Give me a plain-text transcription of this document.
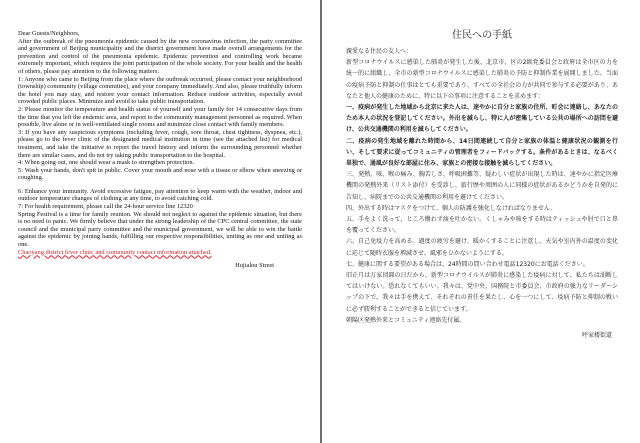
Dear Guests/Neighbors,

After the outbreak of the pneumonia epidemic caused by the new coronavirus infection, the party committee and government of Beijing municipality and the district government have made overall arrangements for the prevention and control of the pneumonia epidemic. Epidemic prevention and controlling work became extremely important, which requires the joint participation of the whole society. For your health and the health of others, please pay attention to the following matters:

1: Anyone who came to Beijing from the place where the outbreak occurred, please contact your neighborhood (township) community (village committee), and your company immediately. And also, please truthfully inform the hotel you may stay, and restore your contact information. Reduce outdoor activities, especially avoid crowded public places. Minimize and avoid to take public transportation.

2: Please monitor the temperature and health status of yourself and your family for 14 consecutive days from the time that you left the endemic area, and report to the community management personnel as required. When possible, live alone or in well-ventilated single rooms and minimize close contact with family members.

3: If you have any suspicious symptoms (including fever, cough, sore throat, chest tightness, dyspnea, etc.), please go to the fever clinic of the designated medical institution in time (see the attached list) for medical treatment, and take the initiative to report the travel history and inform the surrounding personnel whether there are similar cases, and do not try taking public transportation to the hospital.

4: When going out, one should wear a mask to strengthen protection.

5: Wash your hands, don't spit in public. Cover your mouth and nose with a tissue or elbow when sneezing or coughing.

6: Enhance your immunity. Avoid excessive fatigue, pay attention to keep warm with the weather, indoor and outdoor temperature changes of clothing at any time, to avoid catching cold.

7: For health requirement, please call the 24-hour service line 12320

Spring Festival is a time for family reunion. We should not neglect to against the epidemic situation, but there is no need to panic. We firmly believe that under the strong leadership of the CPC central committee, the state council and the municipal party committee and the municipal government, we will be able to win the battle against the epidemic by joining hands, fulfilling our respective responsibilities, uniting as one and uniting as one.

Chaoyang district fever clinic and community contact information attached.

Hujialou Street

住民への手紙

親愛なる住民の友人へ：

新型コロナウイルスに感染した肺炎が発生した後、北京市、区の2級党委員会と政府は全市区の力を統一的に組織し、全市の新型コロナウイルスに感染した肺炎の予防と抑制作業を展開しました。当面の疫病予防と抑制の仕事はとても重要であり、すべての全社会の力が共同で参与する必要があり、あなたと他人の健康のために、特に以下の事項に注意することを求めます：

一、疫病が発生した地域から北京に来た人は、速やかに自分と家族の住所、町会に連絡し、あなたのため本人の状況を登記してください。外出を減らし、特に人が密集している公共の場所への訪問を避け、公共交通機関の利用を減らしてください。

二、疫病の発生地域を離れた時間から、14日間連続して自分と家族の体温と健康状況の観測を行い、そして要求に従ってコミュニティの管理者をフィードバックする。条件があるときは、なるべく単独で、通風が良好な部屋に住み、家族との密接な接触を減らしてください。

三、発熱、咳、喉の痛み、胸苦しさ、呼吸困難等、疑わしい症状が出現した時は、速やかに指定医療機関の発熱外来（リスト添付）を受診し、旅行歴や周囲の人に同様の症状があるかどうかを自発的に告知し、病院までの公共交通機関の利用を避けてください。

四、外出する時はマスクをつけて、個人の防護を強化しなければなりません。

五、手をよく洗って、ところ構わず痰を吐かない。くしゃみや咳をする時はティッシュや肘で口と鼻を覆ってください。

六、自己免疫力を高める。過度の疲労を避け、暖かくすることに注意し、天気や室内外の温度の変化に応じて随時衣服を増減させ、風邪をひかないようにする。

七、健康に関する要望がある場合は、24時間の問い合わせ電話12320にお電話ください。

旧正月は万家団圓の日だから、新型コロナウイルスが肺炎に感染した疫病に対して、私たちは油断してはいけない。恐れなくてもいい。我々は、党中央、国務院と市委員会、市政府の強力なリーダーシップの下で、我々は手を携えて、それぞれの責任を果たし、心を一つにして、疫病予防と抑制の戦いに必ず勝利することができると信じています。

朝陽区発熱外来とコミュニティ連絡先付属。

呼家楼街道
